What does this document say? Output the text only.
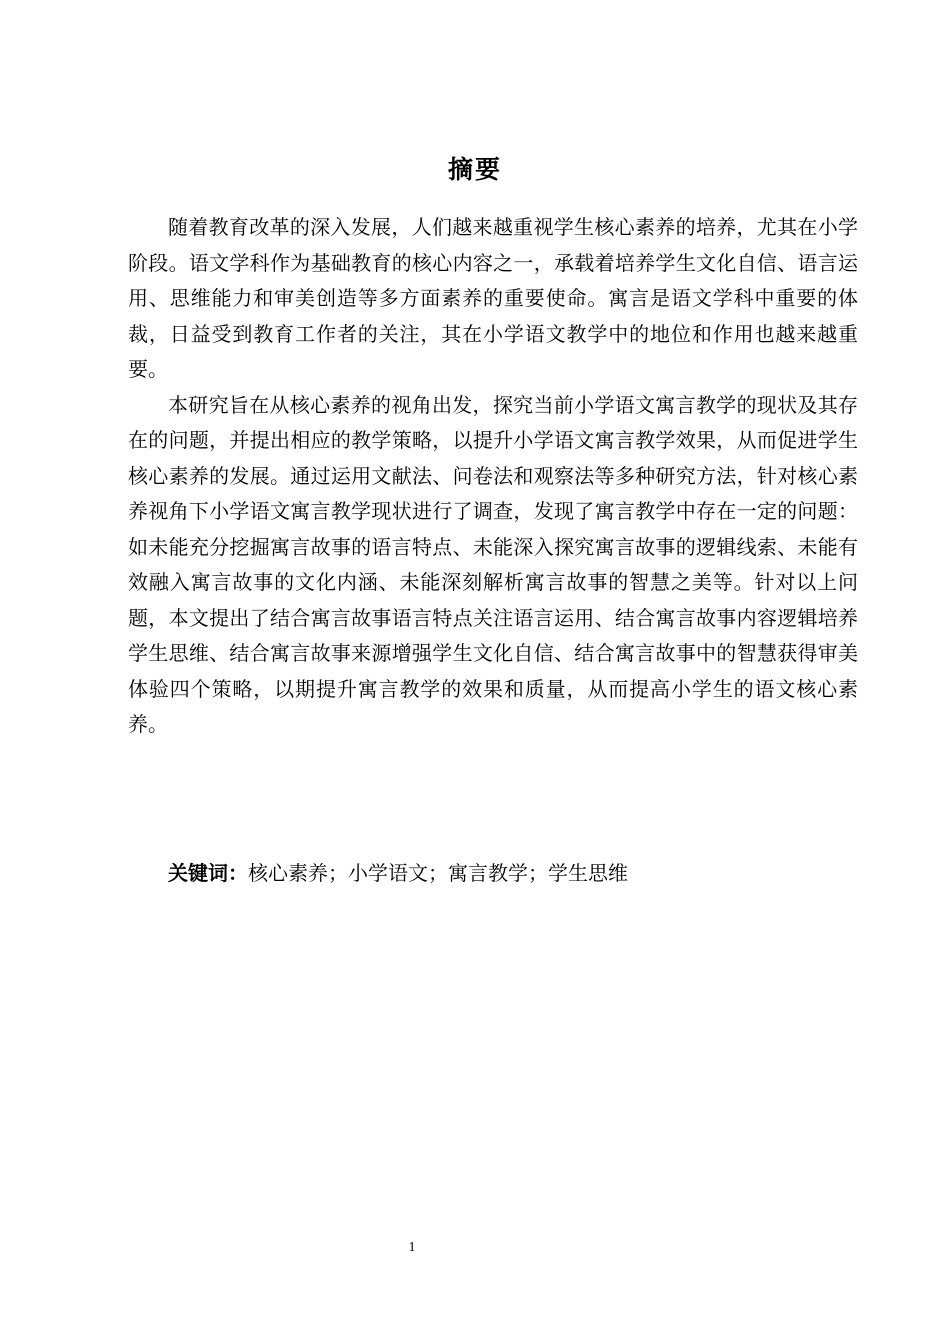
摘要

随着教育改革的深入发展，人们越来越重视学生核心素养的培养，尤其在小学阶段。语文学科作为基础教育的核心内容之一，承载着培养学生文化自信、语言运用、思维能力和审美创造等多方面素养的重要使命。寓言是语文学科中重要的体裁，日益受到教育工作者的关注，其在小学语文教学中的地位和作用也越来越重要。

本研究旨在从核心素养的视角出发，探究当前小学语文寓言教学的现状及其存在的问题，并提出相应的教学策略，以提升小学语文寓言教学效果，从而促进学生核心素养的发展。通过运用文献法、问卷法和观察法等多种研究方法，针对核心素养视角下小学语文寓言教学现状进行了调查，发现了寓言教学中存在一定的问题：如未能充分挖掘寓言故事的语言特点、未能深入探究寓言故事的逻辑线索、未能有效融入寓言故事的文化内涵、未能深刻解析寓言故事的智慧之美等。针对以上问题，本文提出了结合寓言故事语言特点关注语言运用、结合寓言故事内容逻辑培养学生思维、结合寓言故事来源增强学生文化自信、结合寓言故事中的智慧获得审美体验四个策略，以期提升寓言教学的效果和质量，从而提高小学生的语文核心素养。

关键词：核心素养；小学语文；寓言教学；学生思维
1
